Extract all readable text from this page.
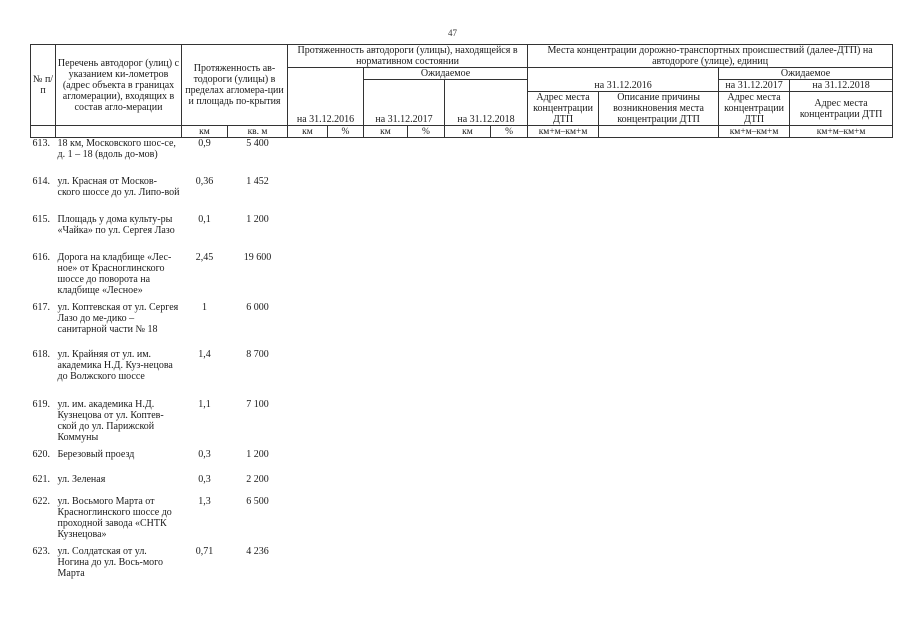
47
№ п/п	Перечень автодорог (улиц) с указанием ки-лометров (адрес объекта в границах агломерации), входящих в состав агло-мерации	Протяженность ав-тодороги (улицы) в пределах агломера-ции и площадь по-крытия		Протяженность автодороги (улицы), находящейся в нормативном состоянии						Места концентрации дорожно-транспортных происшествий (далее-ДТП) на автодороге (улице), единиц			
				на 31.12.2016		Ожидаемое				на 31.12.2016		Ожидаемое	
						на 31.12.2017		на 31.12.2018				на 31.12.2017	на 31.12.2018
										Адрес места концентрации ДТП	Описание причины возникновения места концентрации ДТП	Адрес места концентрации ДТП	Адрес места концентрации ДТП
		км	кв. м	км	%	км	%	км	%	км+м–км+м		км+м–км+м	км+м–км+м
613.	18 км, Московского шос-се, д. 1 – 18 (вдоль до-мов)	0,9	5 400										
614.	ул. Красная от Москов-ского шоссе до ул. Липо-вой	0,36	1 452										
615.	Площадь у дома культу-ры «Чайка» по ул. Сергея Лазо	0,1	1 200										
616.	Дорога на кладбище «Лес-ное» от Красноглинского шоссе до поворота на кладбище «Лесное»	2,45	19 600										
617.	ул. Коптевская от ул. Сергея Лазо до ме-дико – санитарной части № 18	1	6 000										
618.	ул. Крайняя от ул. им. академика Н.Д. Куз-нецова до Волжского шоссе	1,4	8 700										
619.	ул. им. академика Н.Д. Кузнецова от ул. Коптев-ской до ул. Парижской Коммуны	1,1	7 100										
620.	Березовый проезд	0,3	1 200										
621.	ул. Зеленая	0,3	2 200										
622.	ул. Восьмого Марта от Красноглинского шоссе до проходной завода «СНТК Кузнецова»	1,3	6 500										
623.	ул. Солдатская от ул. Ногина до ул. Вось-мого Марта	0,71	4 236										
